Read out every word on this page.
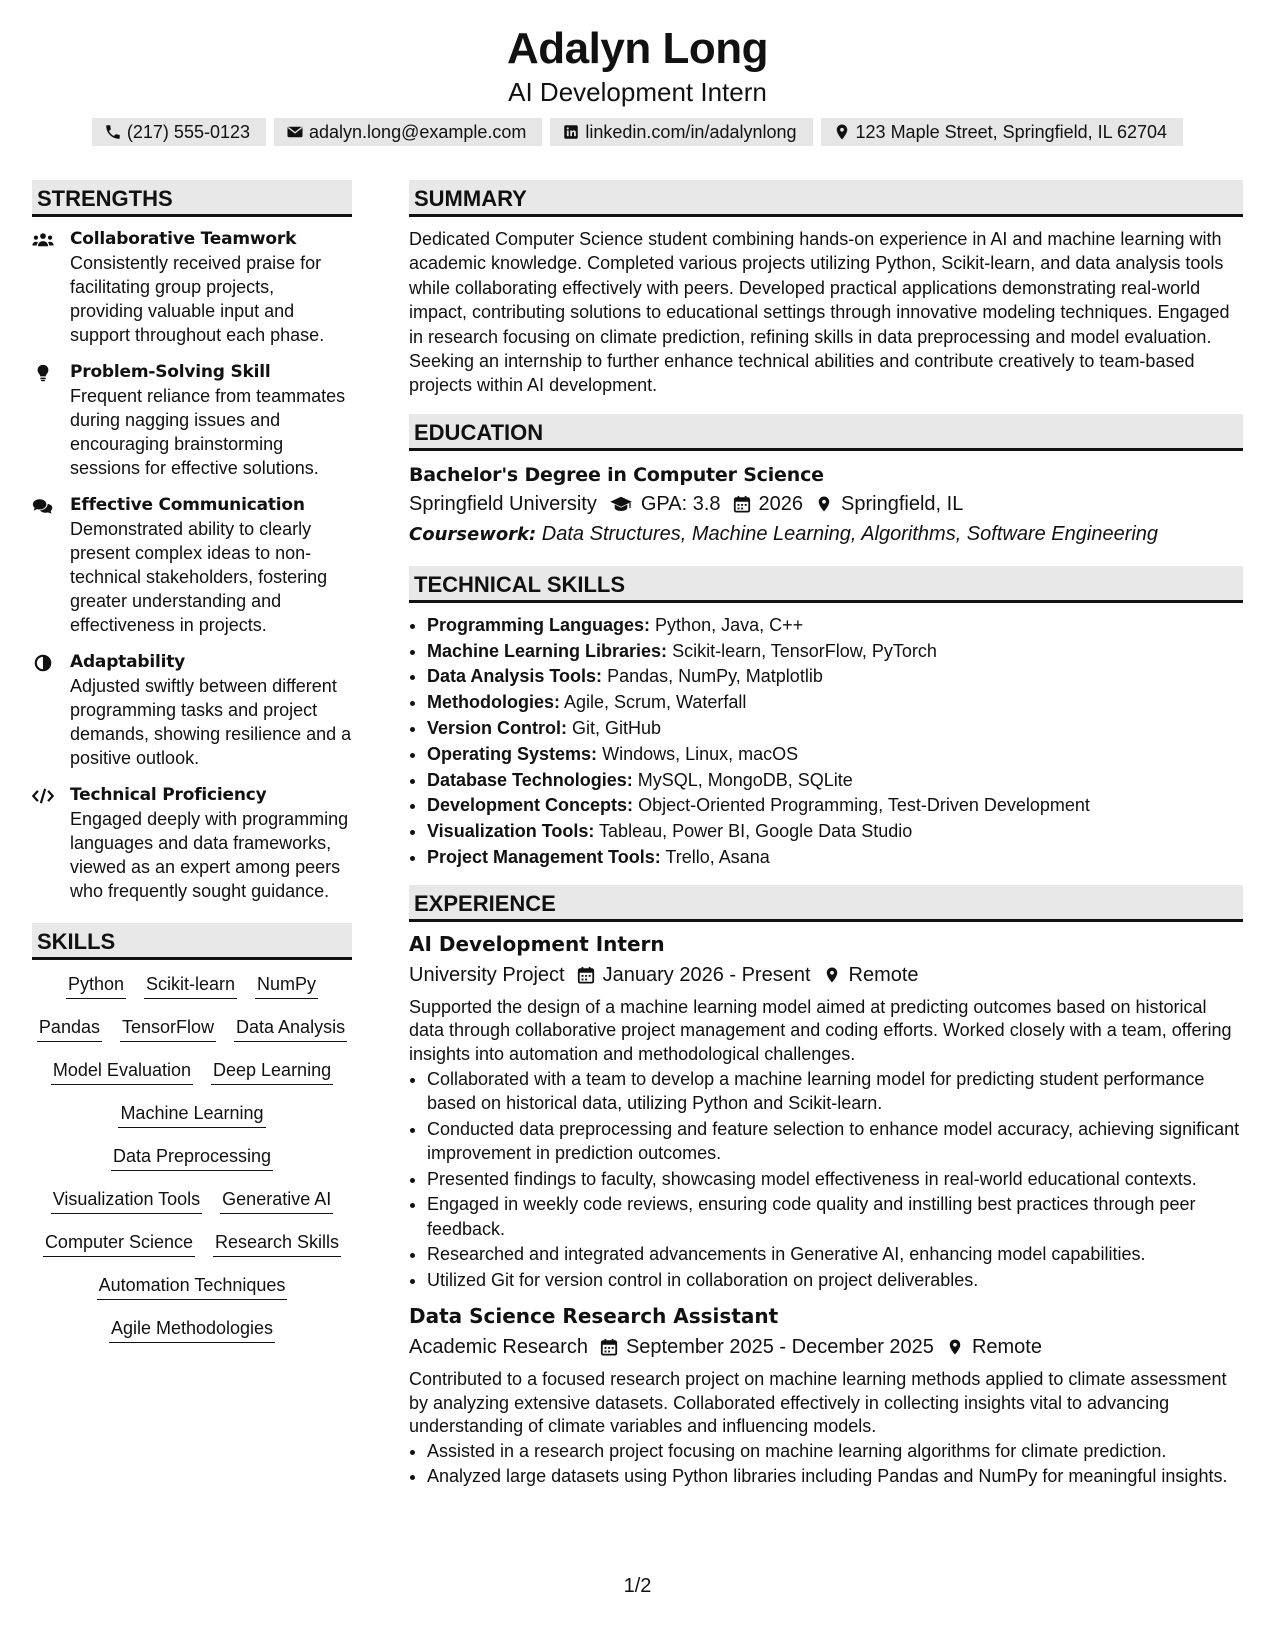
Adalyn Long
AI Development Intern
(217) 555-0123	adalyn.long@example.com	linkedin.com/in/adalynlong	123 Maple Street, Springfield, IL 62704
STRENGTHS
Collaborative Teamwork
Consistently received praise for facilitating group projects, providing valuable input and support throughout each phase.
Problem-Solving Skill
Frequent reliance from teammates during nagging issues and encouraging brainstorming sessions for effective solutions.
Effective Communication
Demonstrated ability to clearly present complex ideas to non-technical stakeholders, fostering greater understanding and effectiveness in projects.
Adaptability
Adjusted swiftly between different programming tasks and project demands, showing resilience and a positive outlook.
Technical Proficiency
Engaged deeply with programming languages and data frameworks, viewed as an expert among peers who frequently sought guidance.
SKILLS
Python Scikit-learn NumPy
Pandas TensorFlow Data Analysis
Model Evaluation Deep Learning
Machine Learning
Data Preprocessing
Visualization Tools Generative AI
Computer Science Research Skills
Automation Techniques
Agile Methodologies
SUMMARY
Dedicated Computer Science student combining hands-on experience in AI and machine learning with academic knowledge. Completed various projects utilizing Python, Scikit-learn, and data analysis tools while collaborating effectively with peers. Developed practical applications demonstrating real-world impact, contributing solutions to educational settings through innovative modeling techniques. Engaged in research focusing on climate prediction, refining skills in data preprocessing and model evaluation. Seeking an internship to further enhance technical abilities and contribute creatively to team-based projects within AI development.
EDUCATION
Bachelor's Degree in Computer Science
Springfield University GPA: 3.8 2026 Springfield, IL
Coursework: Data Structures, Machine Learning, Algorithms, Software Engineering
TECHNICAL SKILLS
• Programming Languages: Python, Java, C++
• Machine Learning Libraries: Scikit-learn, TensorFlow, PyTorch
• Data Analysis Tools: Pandas, NumPy, Matplotlib
• Methodologies: Agile, Scrum, Waterfall
• Version Control: Git, GitHub
• Operating Systems: Windows, Linux, macOS
• Database Technologies: MySQL, MongoDB, SQLite
• Development Concepts: Object-Oriented Programming, Test-Driven Development
• Visualization Tools: Tableau, Power BI, Google Data Studio
• Project Management Tools: Trello, Asana
EXPERIENCE
AI Development Intern
University Project January 2026 - Present Remote
Supported the design of a machine learning model aimed at predicting outcomes based on historical data through collaborative project management and coding efforts. Worked closely with a team, offering insights into automation and methodological challenges.
• Collaborated with a team to develop a machine learning model for predicting student performance based on historical data, utilizing Python and Scikit-learn.
• Conducted data preprocessing and feature selection to enhance model accuracy, achieving significant improvement in prediction outcomes.
• Presented findings to faculty, showcasing model effectiveness in real-world educational contexts.
• Engaged in weekly code reviews, ensuring code quality and instilling best practices through peer feedback.
• Researched and integrated advancements in Generative AI, enhancing model capabilities.
• Utilized Git for version control in collaboration on project deliverables.
Data Science Research Assistant
Academic Research September 2025 - December 2025 Remote
Contributed to a focused research project on machine learning methods applied to climate assessment by analyzing extensive datasets. Collaborated effectively in collecting insights vital to advancing understanding of climate variables and influencing models.
• Assisted in a research project focusing on machine learning algorithms for climate prediction.
• Analyzed large datasets using Python libraries including Pandas and NumPy for meaningful insights.
1/2
